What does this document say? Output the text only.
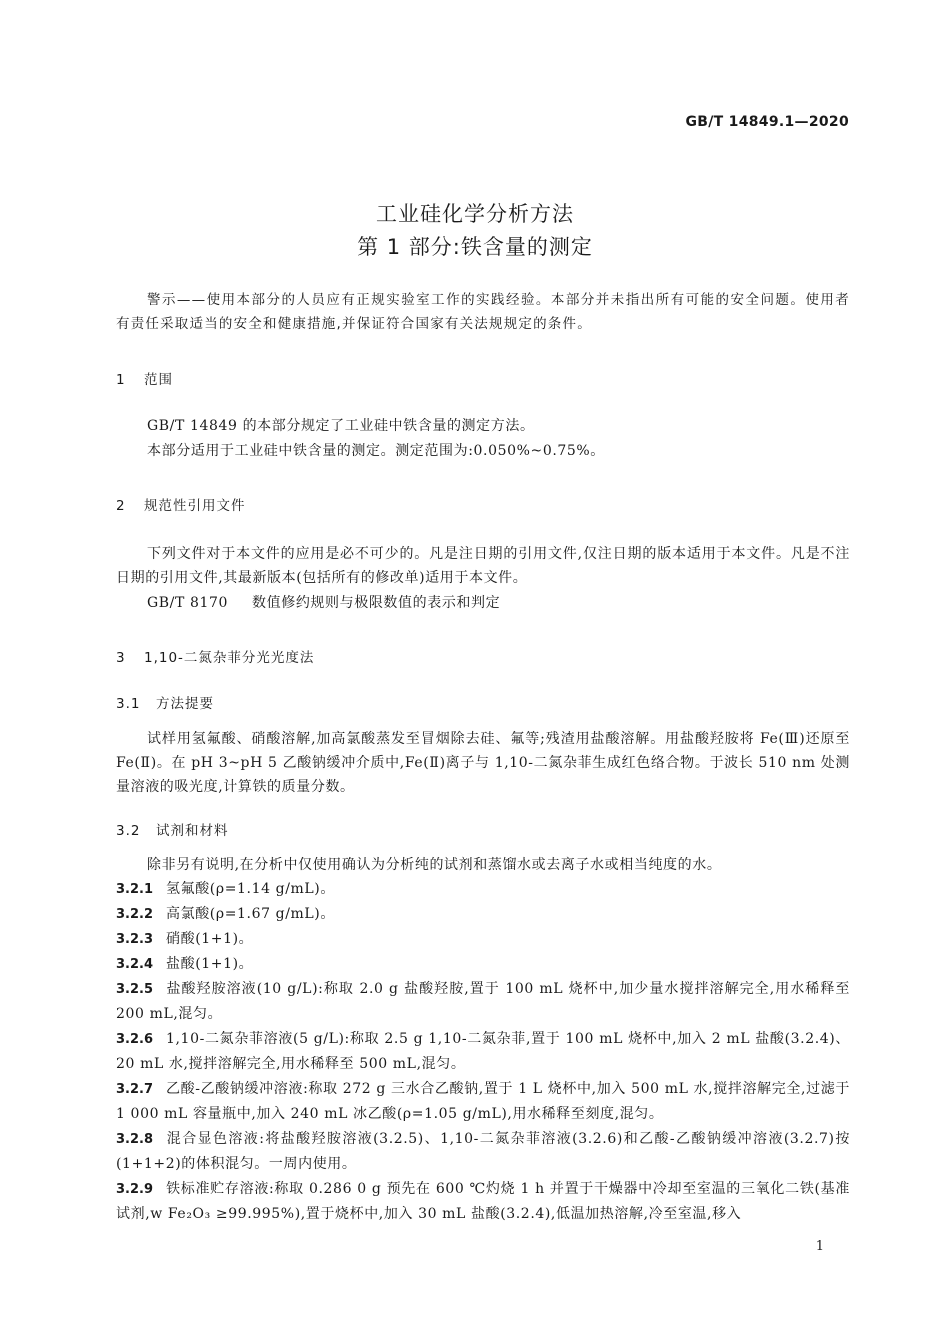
GB/T 14849.1—2020
工业硅化学分析方法
第 1 部分:铁含量的测定
警示——使用本部分的人员应有正规实验室工作的实践经验。本部分并未指出所有可能的安全问题。使用者有责任采取适当的安全和健康措施,并保证符合国家有关法规规定的条件。
1 范围
GB/T 14849 的本部分规定了工业硅中铁含量的测定方法。
本部分适用于工业硅中铁含量的测定。测定范围为:0.050%~0.75%。
2 规范性引用文件
下列文件对于本文件的应用是必不可少的。凡是注日期的引用文件,仅注日期的版本适用于本文件。凡是不注日期的引用文件,其最新版本(包括所有的修改单)适用于本文件。
GB/T 8170 数值修约规则与极限数值的表示和判定
3 1,10-二氮杂菲分光光度法
3.1 方法提要
试样用氢氟酸、硝酸溶解,加高氯酸蒸发至冒烟除去硅、氟等;残渣用盐酸溶解。用盐酸羟胺将 Fe(Ⅲ)还原至 Fe(Ⅱ)。在 pH 3~pH 5 乙酸钠缓冲介质中,Fe(Ⅱ)离子与 1,10-二氮杂菲生成红色络合物。于波长 510 nm 处测量溶液的吸光度,计算铁的质量分数。
3.2 试剂和材料
除非另有说明,在分析中仅使用确认为分析纯的试剂和蒸馏水或去离子水或相当纯度的水。
3.2.1 氢氟酸(ρ=1.14 g/mL)。
3.2.2 高氯酸(ρ=1.67 g/mL)。
3.2.3 硝酸(1+1)。
3.2.4 盐酸(1+1)。
3.2.5 盐酸羟胺溶液(10 g/L):称取 2.0 g 盐酸羟胺,置于 100 mL 烧杯中,加少量水搅拌溶解完全,用水稀释至 200 mL,混匀。
3.2.6 1,10-二氮杂菲溶液(5 g/L):称取 2.5 g 1,10-二氮杂菲,置于 100 mL 烧杯中,加入 2 mL 盐酸(3.2.4)、20 mL 水,搅拌溶解完全,用水稀释至 500 mL,混匀。
3.2.7 乙酸-乙酸钠缓冲溶液:称取 272 g 三水合乙酸钠,置于 1 L 烧杯中,加入 500 mL 水,搅拌溶解完全,过滤于 1 000 mL 容量瓶中,加入 240 mL 冰乙酸(ρ=1.05 g/mL),用水稀释至刻度,混匀。
3.2.8 混合显色溶液:将盐酸羟胺溶液(3.2.5)、1,10-二氮杂菲溶液(3.2.6)和乙酸-乙酸钠缓冲溶液(3.2.7)按(1+1+2)的体积混匀。一周内使用。
3.2.9 铁标准贮存溶液:称取 0.286 0 g 预先在 600 ℃灼烧 1 h 并置于干燥器中冷却至室温的三氧化二铁(基准试剂,w Fe₂O₃ ≥99.995%),置于烧杯中,加入 30 mL 盐酸(3.2.4),低温加热溶解,冷至室温,移入
1
